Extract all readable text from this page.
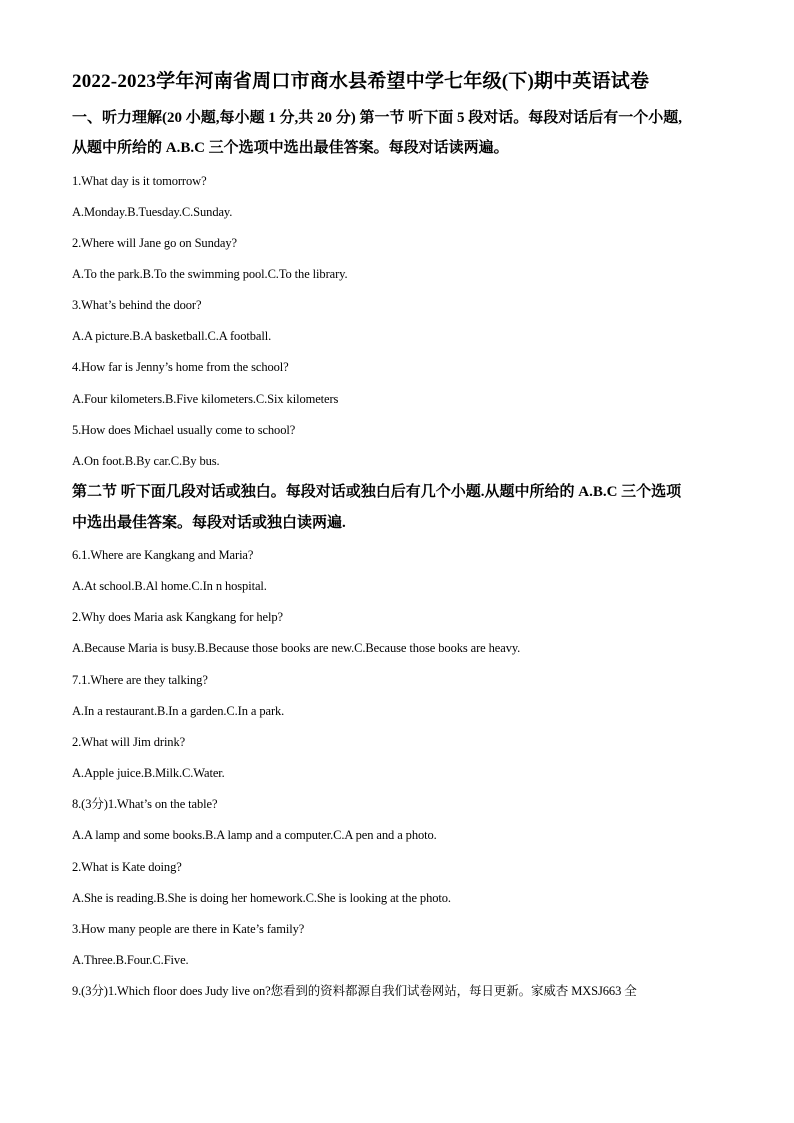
2022-2023学年河南省周口市商水县希望中学七年级(下)期中英语试卷
一、听力理解(20 小题,每小题 1 分,共 20 分) 第一节 听下面 5 段对话。每段对话后有一个小题,
从题中所给的 A.B.C 三个选项中选出最佳答案。每段对话读两遍。
1.What day is it tomorrow?
A.Monday.B.Tuesday.C.Sunday.
2.Where will Jane go on Sunday?
A.To the park.B.To the swimming pool.C.To the library.
3.What’s behind the door?
A.A picture.B.A basketball.C.A football.
4.How far is Jenny’s home from the school?
A.Four kilometers.B.Five kilometers.C.Six kilometers
5.How does Michael usually come to school?
A.On foot.B.By car.C.By bus.
第二节 听下面几段对话或独白。每段对话或独白后有几个小题.从题中所给的 A.B.C 三个选项
中选出最佳答案。每段对话或独白读两遍.
6.1.Where are Kangkang and Maria?
A.At school.B.Al home.C.In n hospital.
2.Why does Maria ask Kangkang for help?
A.Because Maria is busy.B.Because those books are new.C.Because those books are heavy.
7.1.Where are they talking?
A.In a restaurant.B.In a garden.C.In a park.
2.What will Jim drink?
A.Apple juice.B.Milk.C.Water.
8.(3分)1.What’s on the table?
A.A lamp and some books.B.A lamp and a computer.C.A pen and a photo.
2.What is Kate doing?
A.She is reading.B.She is doing her homework.C.She is looking at the photo.
3.How many people are there in Kate’s family?
A.Three.B.Four.C.Five.
9.(3分)1.Which floor does Judy live on?您看到的资料都源自我们试卷网站，每日更新。家威杏 MXSJ663 全
